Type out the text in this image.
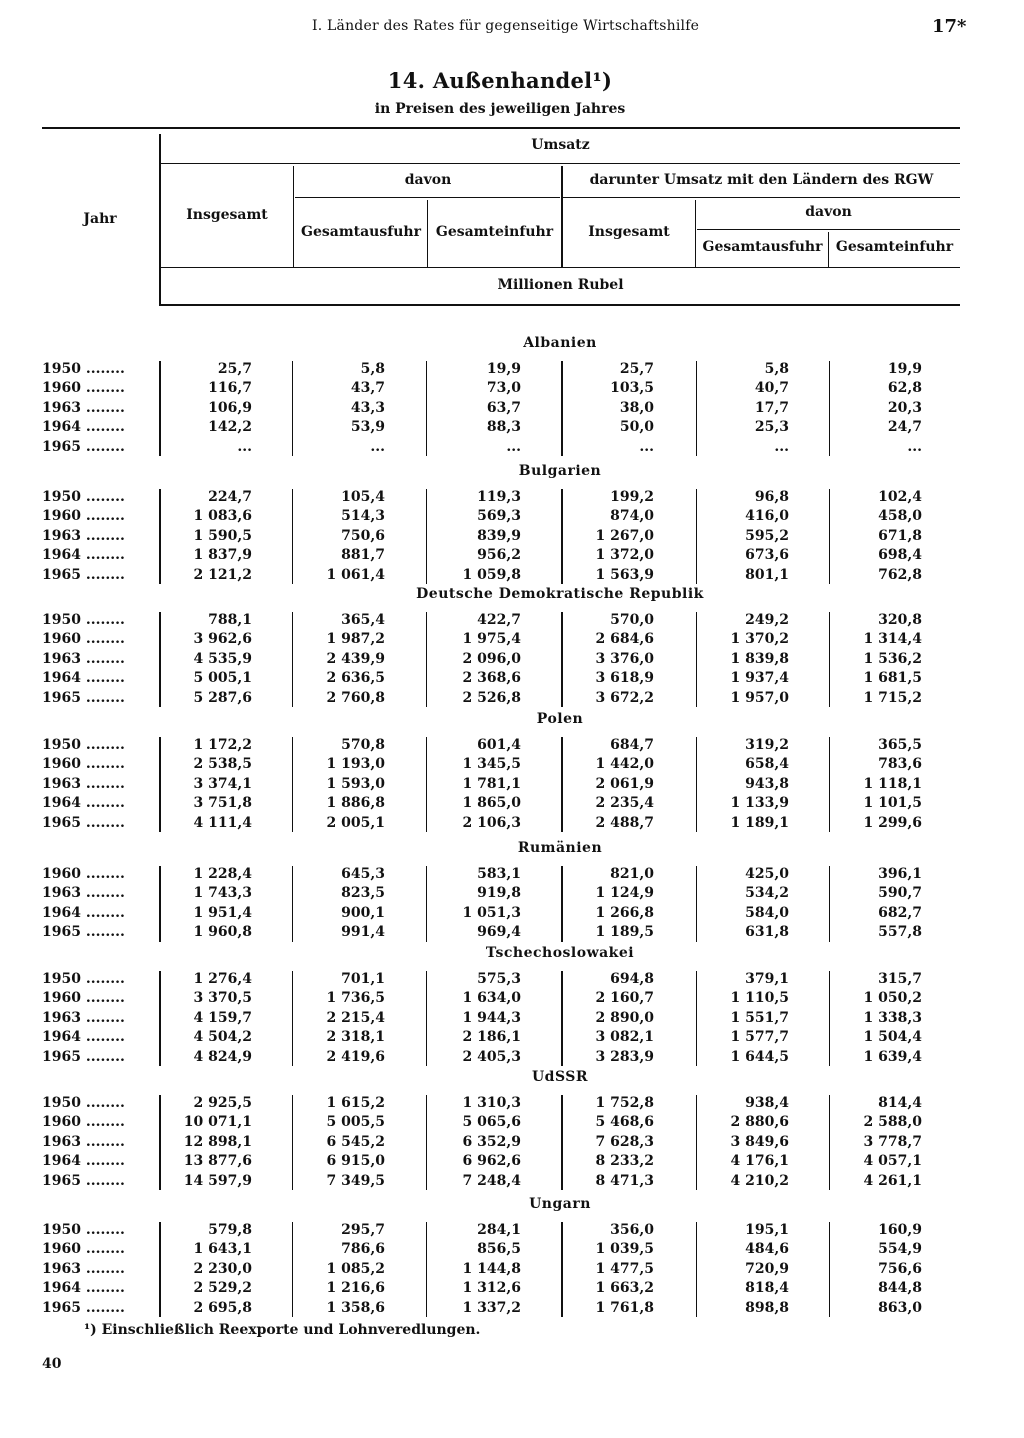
I. Länder des Rates für gegenseitige Wirtschaftshilfe	17*
14. Außenhandel¹)
in Preisen des jeweiligen Jahres
Jahr
Umsatz
Insgesamt
davon
Gesamtausfuhr	Gesamteinfuhr
darunter Umsatz mit den Ländern des RGW
Insgesamt
davon
Gesamtausfuhr Gesamteinfuhr
Millionen Rubel
Albanien
1950 ........	25,7	5,8	19,9	25,7	5,8	19,9
1960 ........	116,7	43,7	73,0	103,5	40,7	62,8
1963 ........	106,9	43,3	63,7	38,0	17,7	20,3
1964 ........	142,2	53,9	88,3	50,0	25,3	24,7
1965 ........	...	...	...	...	...	...
Bulgarien
1950 ........	224,7	105,4	119,3	199,2	96,8	102,4
1960 ........	1 083,6	514,3	569,3	874,0	416,0	458,0
1963 ........	1 590,5	750,6	839,9	1 267,0	595,2	671,8
1964 ........	1 837,9	881,7	956,2	1 372,0	673,6	698,4
1965 ........	2 121,2	1 061,4	1 059,8	1 563,9	801,1	762,8
Deutsche Demokratische Republik
1950 ........	788,1	365,4	422,7	570,0	249,2	320,8
1960 ........	3 962,6	1 987,2	1 975,4	2 684,6	1 370,2	1 314,4
1963 ........	4 535,9	2 439,9	2 096,0	3 376,0	1 839,8	1 536,2
1964 ........	5 005,1	2 636,5	2 368,6	3 618,9	1 937,4	1 681,5
1965 ........	5 287,6	2 760,8	2 526,8	3 672,2	1 957,0	1 715,2
Polen
1950 ........	1 172,2	570,8	601,4	684,7	319,2	365,5
1960 ........	2 538,5	1 193,0	1 345,5	1 442,0	658,4	783,6
1963 ........	3 374,1	1 593,0	1 781,1	2 061,9	943,8	1 118,1
1964 ........	3 751,8	1 886,8	1 865,0	2 235,4	1 133,9	1 101,5
1965 ........	4 111,4	2 005,1	2 106,3	2 488,7	1 189,1	1 299,6
Rumänien
1960 ........	1 228,4	645,3	583,1	821,0	425,0	396,1
1963 ........	1 743,3	823,5	919,8	1 124,9	534,2	590,7
1964 ........	1 951,4	900,1	1 051,3	1 266,8	584,0	682,7
1965 ........	1 960,8	991,4	969,4	1 189,5	631,8	557,8
Tschechoslowakei
1950 ........	1 276,4	701,1	575,3	694,8	379,1	315,7
1960 ........	3 370,5	1 736,5	1 634,0	2 160,7	1 110,5	1 050,2
1963 ........	4 159,7	2 215,4	1 944,3	2 890,0	1 551,7	1 338,3
1964 ........	4 504,2	2 318,1	2 186,1	3 082,1	1 577,7	1 504,4
1965 ........	4 824,9	2 419,6	2 405,3	3 283,9	1 644,5	1 639,4
UdSSR
1950 ........	2 925,5	1 615,2	1 310,3	1 752,8	938,4	814,4
1960 ........	10 071,1	5 005,5	5 065,6	5 468,6	2 880,6	2 588,0
1963 ........	12 898,1	6 545,2	6 352,9	7 628,3	3 849,6	3 778,7
1964 ........	13 877,6	6 915,0	6 962,6	8 233,2	4 176,1	4 057,1
1965 ........	14 597,9	7 349,5	7 248,4	8 471,3	4 210,2	4 261,1
Ungarn
1950 ........	579,8	295,7	284,1	356,0	195,1	160,9
1960 ........	1 643,1	786,6	856,5	1 039,5	484,6	554,9
1963 ........	2 230,0	1 085,2	1 144,8	1 477,5	720,9	756,6
1964 ........	2 529,2	1 216,6	1 312,6	1 663,2	818,4	844,8
1965 ........	2 695,8	1 358,6	1 337,2	1 761,8	898,8	863,0
¹) Einschließlich Reexporte und Lohnveredlungen.
40
